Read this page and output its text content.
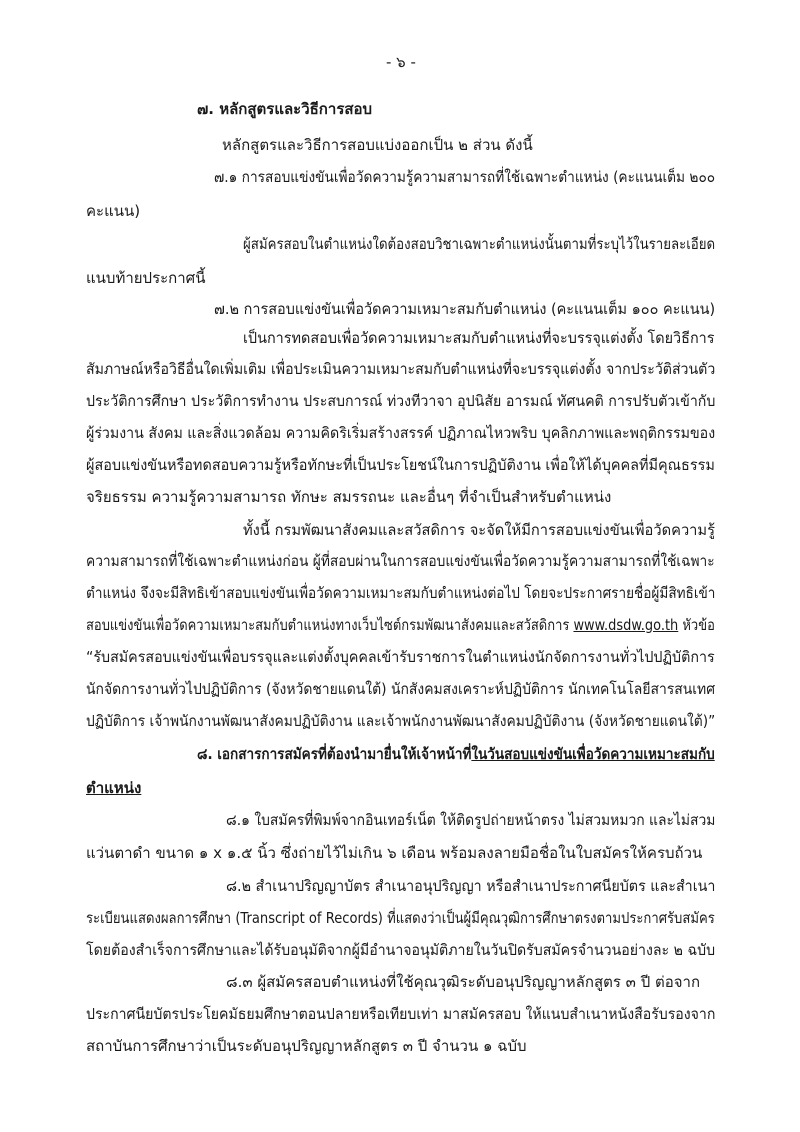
- ๖ -
๗. หลักสูตรและวิธีการสอบ
หลักสูตรและวิธีการสอบแบ่งออกเป็น ๒ ส่วน ดังนี้
๗.๑ การสอบแข่งขันเพื่อวัดความรู้ความสามารถที่ใช้เฉพาะตำแหน่ง (คะแนนเต็ม ๒๐๐
คะแนน)
ผู้สมัครสอบในตำแหน่งใดต้องสอบวิชาเฉพาะตำแหน่งนั้นตามที่ระบุไว้ในรายละเอียด
แนบท้ายประกาศนี้
๗.๒ การสอบแข่งขันเพื่อวัดความเหมาะสมกับตำแหน่ง (คะแนนเต็ม ๑๐๐ คะแนน)
เป็นการทดสอบเพื่อวัดความเหมาะสมกับตำแหน่งที่จะบรรจุแต่งตั้ง โดยวิธีการ
สัมภาษณ์หรือวิธีอื่นใดเพิ่มเติม เพื่อประเมินความเหมาะสมกับตำแหน่งที่จะบรรจุแต่งตั้ง จากประวัติส่วนตัว
ประวัติการศึกษา ประวัติการทำงาน ประสบการณ์ ท่วงทีวาจา อุปนิสัย อารมณ์ ทัศนคติ การปรับตัวเข้ากับ
ผู้ร่วมงาน สังคม และสิ่งแวดล้อม ความคิดริเริ่มสร้างสรรค์ ปฏิภาณไหวพริบ บุคลิกภาพและพฤติกรรมของ
ผู้สอบแข่งขันหรือทดสอบความรู้หรือทักษะที่เป็นประโยชน์ในการปฏิบัติงาน เพื่อให้ได้บุคคลที่มีคุณธรรม
จริยธรรม ความรู้ความสามารถ ทักษะ สมรรถนะ และอื่นๆ ที่จำเป็นสำหรับตำแหน่ง
ทั้งนี้ กรมพัฒนาสังคมและสวัสดิการ จะจัดให้มีการสอบแข่งขันเพื่อวัดความรู้
ความสามารถที่ใช้เฉพาะตำแหน่งก่อน ผู้ที่สอบผ่านในการสอบแข่งขันเพื่อวัดความรู้ความสามารถที่ใช้เฉพาะ
ตำแหน่ง จึงจะมีสิทธิเข้าสอบแข่งขันเพื่อวัดความเหมาะสมกับตำแหน่งต่อไป โดยจะประกาศรายชื่อผู้มีสิทธิเข้า
สอบแข่งขันเพื่อวัดความเหมาะสมกับตำแหน่งทางเว็บไซต์กรมพัฒนาสังคมและสวัสดิการ www.dsdw.go.th หัวข้อ
“รับสมัครสอบแข่งขันเพื่อบรรจุและแต่งตั้งบุคคลเข้ารับราชการในตำแหน่งนักจัดการงานทั่วไปปฏิบัติการ
นักจัดการงานทั่วไปปฏิบัติการ (จังหวัดชายแดนใต้) นักสังคมสงเคราะห์ปฏิบัติการ นักเทคโนโลยีสารสนเทศ
ปฏิบัติการ เจ้าพนักงานพัฒนาสังคมปฏิบัติงาน และเจ้าพนักงานพัฒนาสังคมปฏิบัติงาน (จังหวัดชายแดนใต้)”
๘. เอกสารการสมัครที่ต้องนำมายื่นให้เจ้าหน้าที่ในวันสอบแข่งขันเพื่อวัดความเหมาะสมกับ
ตำแหน่ง
๘.๑ ใบสมัครที่พิมพ์จากอินเทอร์เน็ต ให้ติดรูปถ่ายหน้าตรง ไม่สวมหมวก และไม่สวม
แว่นตาดำ ขนาด ๑ x ๑.๕ นิ้ว ซึ่งถ่ายไว้ไม่เกิน ๖ เดือน พร้อมลงลายมือชื่อในใบสมัครให้ครบถ้วน
๘.๒ สำเนาปริญญาบัตร สำเนาอนุปริญญา หรือสำเนาประกาศนียบัตร และสำเนา
ระเบียนแสดงผลการศึกษา (Transcript of Records) ที่แสดงว่าเป็นผู้มีคุณวุฒิการศึกษาตรงตามประกาศรับสมัคร
โดยต้องสำเร็จการศึกษาและได้รับอนุมัติจากผู้มีอำนาจอนุมัติภายในวันปิดรับสมัครจำนวนอย่างละ ๒ ฉบับ
๘.๓ ผู้สมัครสอบตำแหน่งที่ใช้คุณวุฒิระดับอนุปริญญาหลักสูตร ๓ ปี ต่อจาก
ประกาศนียบัตรประโยคมัธยมศึกษาตอนปลายหรือเทียบเท่า มาสมัครสอบ ให้แนบสำเนาหนังสือรับรองจาก
สถาบันการศึกษาว่าเป็นระดับอนุปริญญาหลักสูตร ๓ ปี จำนวน ๑ ฉบับ
